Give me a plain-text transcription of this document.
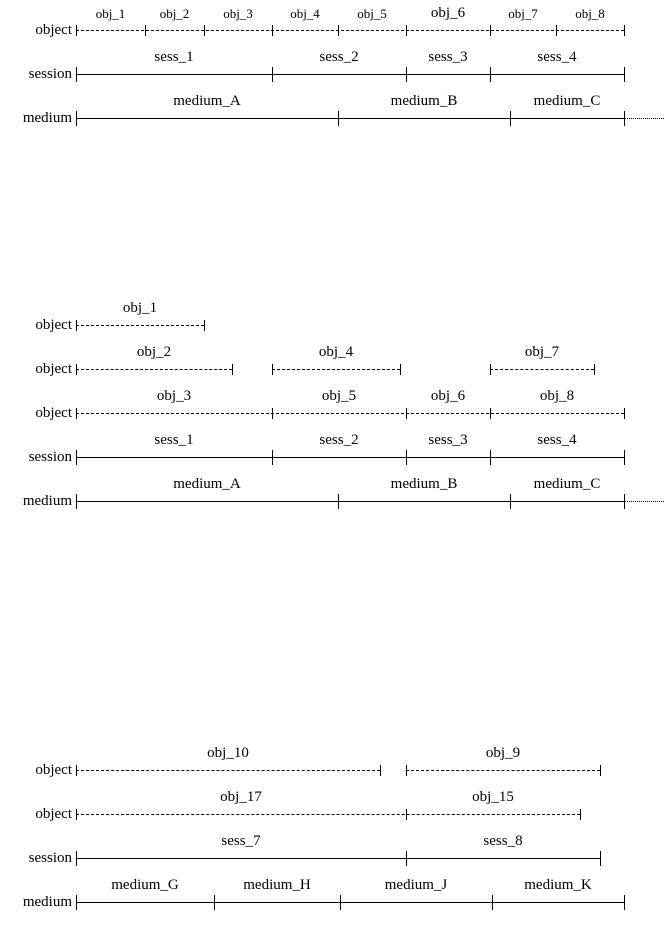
object
obj_1	obj_2	obj_3	obj_4	obj_5	obj_6	obj_7	obj_8
session
sess_1	sess_2	sess_3	sess_4
medium
medium_A	medium_B	medium_C
object
obj_1
object
obj_2	obj_4	obj_7
object
obj_3	obj_5	obj_6	obj_8
session
sess_1	sess_2	sess_3	sess_4
medium
medium_A	medium_B	medium_C
object
obj_10	obj_9
object
obj_17	obj_15
session
sess_7	sess_8
medium
medium_G	medium_H	medium_J	medium_K
